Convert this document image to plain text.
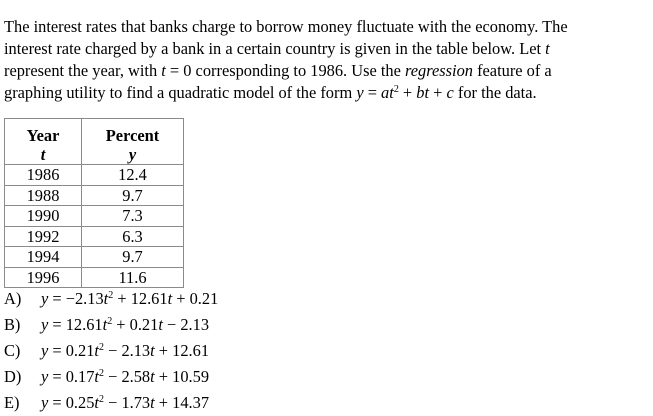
The interest rates that banks charge to borrow money fluctuate with the economy. The
interest rate charged by a bank in a certain country is given in the table below. Let t
represent the year, with t = 0 corresponding to 1986. Use the regression feature of a
graphing utility to find a quadratic model of the form $y = at^2$ + bt + c for the data.
Year	Percent
t	y
1986	12.4
1988	9.7
1990	7.3
1992	6.3
1994	9.7
1996	11.6
A) $y = -2.13t^2 + 12.61t + 0.21$
B) $y = 12.61t^2 + 0.21t - 2.13$
C) $y = 0.21t^2 - 2.13t + 12.61$
D) $y = 0.17t^2 - 2.58t + 10.59$
E) $y = 0.25t^2 - 1.73t + 14.37$
